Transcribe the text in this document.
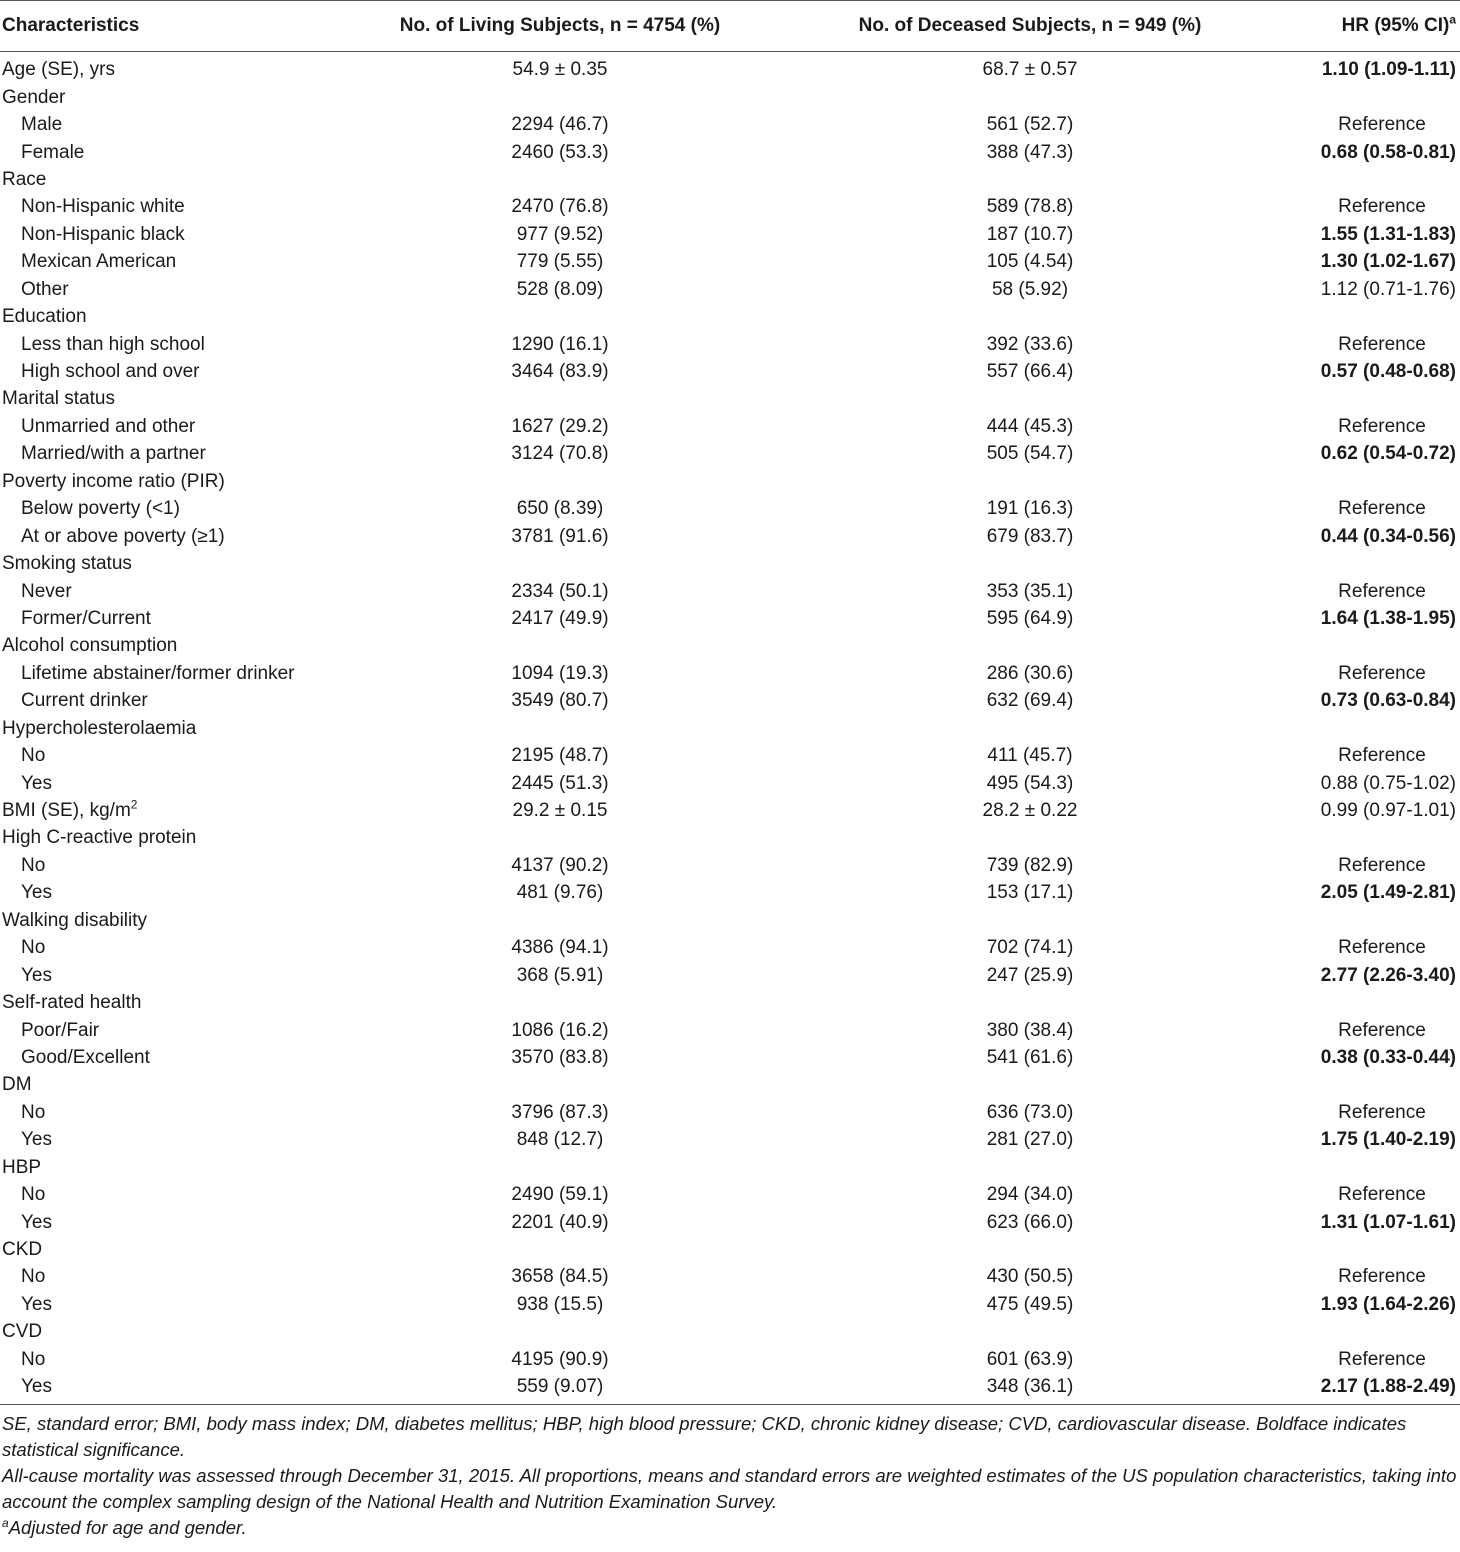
Characteristics	No. of Living Subjects, n = 4754 (%)	No. of Deceased Subjects, n = 949 (%)	HR (95% CI)$^a$
Age (SE), yrs	54.9 ± 0.35	68.7 ± 0.57	1.10 (1.09-1.11)
Gender			
Male	2294 (46.7)	561 (52.7)	Reference
Female	2460 (53.3)	388 (47.3)	0.68 (0.58-0.81)
Race			
Non-Hispanic white	2470 (76.8)	589 (78.8)	Reference
Non-Hispanic black	977 (9.52)	187 (10.7)	1.55 (1.31-1.83)
Mexican American	779 (5.55)	105 (4.54)	1.30 (1.02-1.67)
Other	528 (8.09)	58 (5.92)	1.12 (0.71-1.76)
Education			
Less than high school	1290 (16.1)	392 (33.6)	Reference
High school and over	3464 (83.9)	557 (66.4)	0.57 (0.48-0.68)
Marital status			
Unmarried and other	1627 (29.2)	444 (45.3)	Reference
Married/with a partner	3124 (70.8)	505 (54.7)	0.62 (0.54-0.72)
Poverty income ratio (PIR)			
Below poverty (<1)	650 (8.39)	191 (16.3)	Reference
At or above poverty (≥1)	3781 (91.6)	679 (83.7)	0.44 (0.34-0.56)
Smoking status			
Never	2334 (50.1)	353 (35.1)	Reference
Former/Current	2417 (49.9)	595 (64.9)	1.64 (1.38-1.95)
Alcohol consumption			
Lifetime abstainer/former drinker	1094 (19.3)	286 (30.6)	Reference
Current drinker	3549 (80.7)	632 (69.4)	0.73 (0.63-0.84)
Hypercholesterolaemia			
No	2195 (48.7)	411 (45.7)	Reference
Yes	2445 (51.3)	495 (54.3)	0.88 (0.75-1.02)
BMI (SE), $kg/m^2$	29.2 ± 0.15	28.2 ± 0.22	0.99 (0.97-1.01)
High C-reactive protein			
No	4137 (90.2)	739 (82.9)	Reference
Yes	481 (9.76)	153 (17.1)	2.05 (1.49-2.81)
Walking disability			
No	4386 (94.1)	702 (74.1)	Reference
Yes	368 (5.91)	247 (25.9)	2.77 (2.26-3.40)
Self-rated health			
Poor/Fair	1086 (16.2)	380 (38.4)	Reference
Good/Excellent	3570 (83.8)	541 (61.6)	0.38 (0.33-0.44)
DM			
No	3796 (87.3)	636 (73.0)	Reference
Yes	848 (12.7)	281 (27.0)	1.75 (1.40-2.19)
HBP			
No	2490 (59.1)	294 (34.0)	Reference
Yes	2201 (40.9)	623 (66.0)	1.31 (1.07-1.61)
CKD			
No	3658 (84.5)	430 (50.5)	Reference
Yes	938 (15.5)	475 (49.5)	1.93 (1.64-2.26)
CVD			
No	4195 (90.9)	601 (63.9)	Reference
Yes	559 (9.07)	348 (36.1)	2.17 (1.88-2.49)

SE, standard error; BMI, body mass index; DM, diabetes mellitus; HBP, high blood pressure; CKD, chronic kidney disease; CVD, cardiovascular disease. Boldface indicates statistical significance.

All-cause mortality was assessed through December 31, 2015. All proportions, means and standard errors are weighted estimates of the US population characteristics, taking into account the complex sampling design of the National Health and Nutrition Examination Survey.

$^a$Adjusted for age and gender.
